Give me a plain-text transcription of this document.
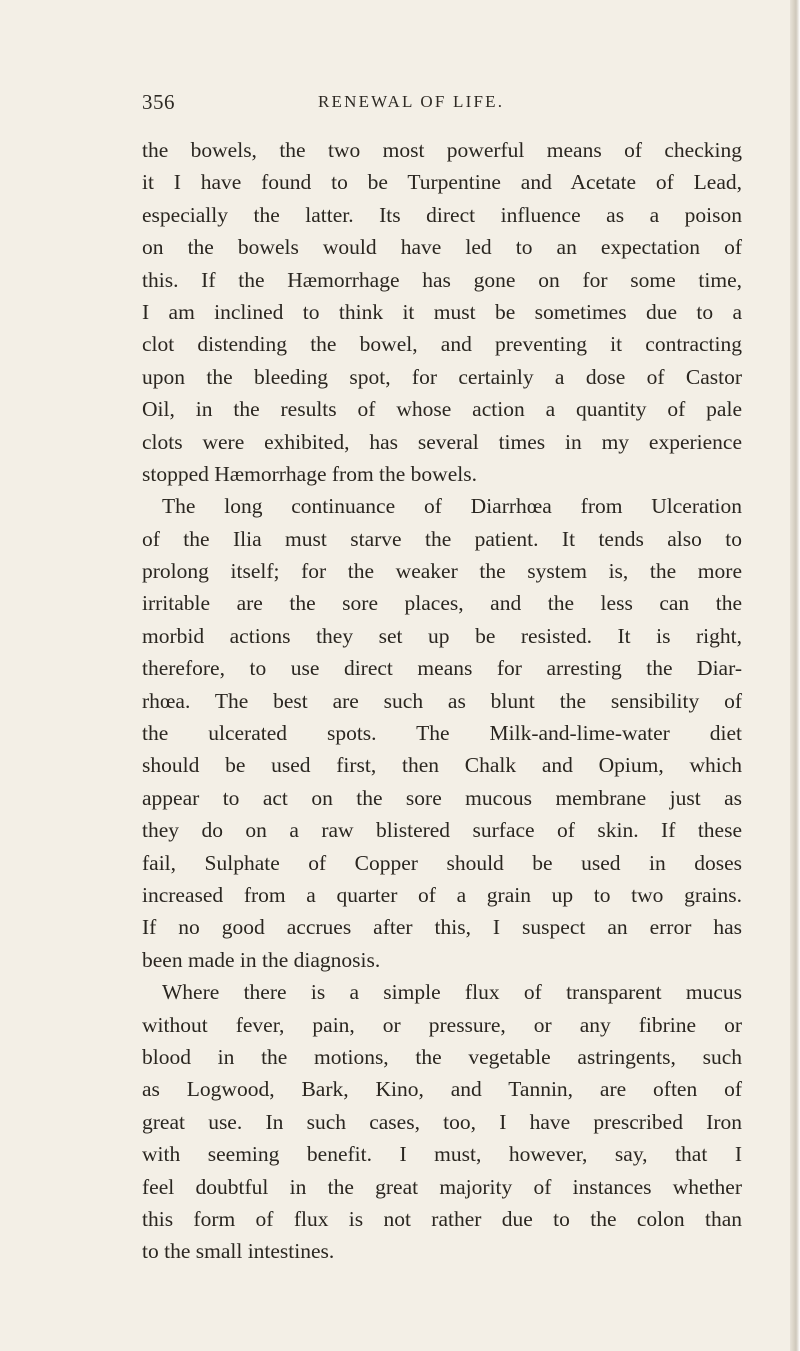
356	RENEWAL OF LIFE.
the bowels, the two most powerful means of checking
it I have found to be Turpentine and Acetate of Lead,
especially the latter. Its direct influence as a poison
on the bowels would have led to an expectation of
this. If the Hæmorrhage has gone on for some time,
I am inclined to think it must be sometimes due to a
clot distending the bowel, and preventing it contracting
upon the bleeding spot, for certainly a dose of Castor
Oil, in the results of whose action a quantity of pale
clots were exhibited, has several times in my experience
stopped Hæmorrhage from the bowels.
The long continuance of Diarrhœa from Ulceration
of the Ilia must starve the patient. It tends also to
prolong itself; for the weaker the system is, the more
irritable are the sore places, and the less can the
morbid actions they set up be resisted. It is right,
therefore, to use direct means for arresting the Diar-
rhœa. The best are such as blunt the sensibility of
the ulcerated spots. The Milk-and-lime-water diet
should be used first, then Chalk and Opium, which
appear to act on the sore mucous membrane just as
they do on a raw blistered surface of skin. If these
fail, Sulphate of Copper should be used in doses
increased from a quarter of a grain up to two grains.
If no good accrues after this, I suspect an error has
been made in the diagnosis.
Where there is a simple flux of transparent mucus
without fever, pain, or pressure, or any fibrine or
blood in the motions, the vegetable astringents, such
as Logwood, Bark, Kino, and Tannin, are often of
great use. In such cases, too, I have prescribed Iron
with seeming benefit. I must, however, say, that I
feel doubtful in the great majority of instances whether
this form of flux is not rather due to the colon than
to the small intestines.
